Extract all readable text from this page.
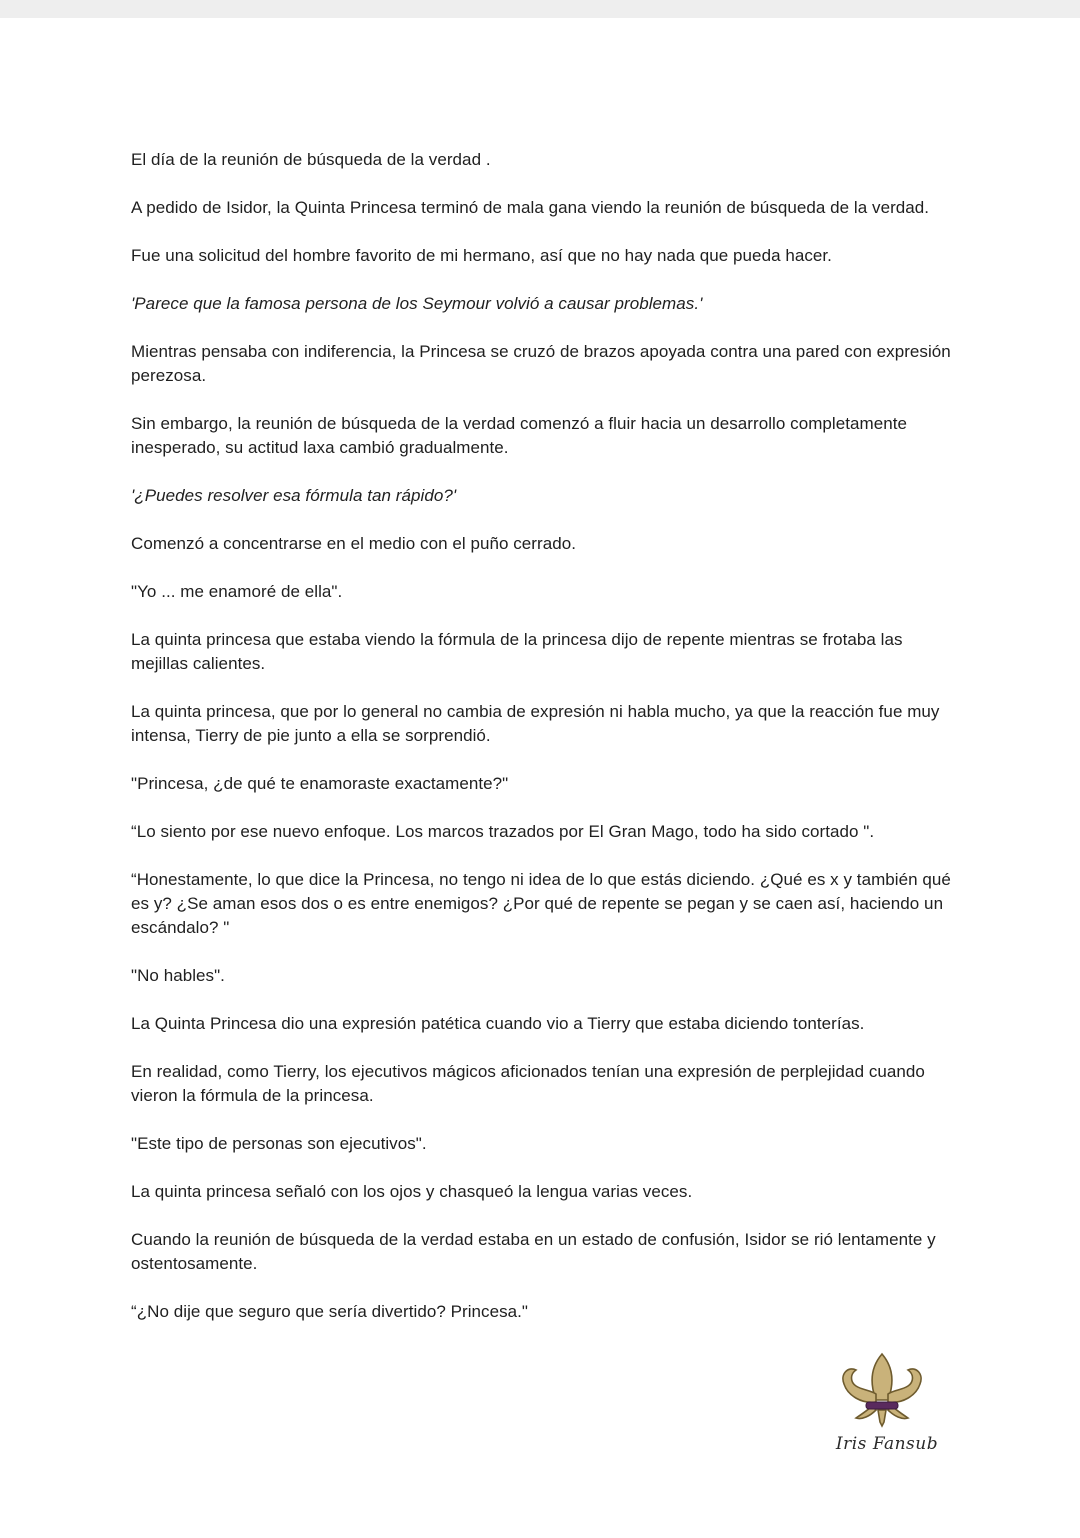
El día de la reunión de búsqueda de la verdad .

A pedido de Isidor, la Quinta Princesa terminó de mala gana viendo la reunión de búsqueda de la verdad.

Fue una solicitud del hombre favorito de mi hermano, así que no hay nada que pueda hacer.

'Parece que la famosa persona de los Seymour volvió a causar problemas.'

Mientras pensaba con indiferencia, la Princesa se cruzó de brazos apoyada contra una pared con expresión perezosa.

Sin embargo, la reunión de búsqueda de la verdad comenzó a fluir hacia un desarrollo completamente inesperado, su actitud laxa cambió gradualmente.

'¿Puedes resolver esa fórmula tan rápido?'

Comenzó a concentrarse en el medio con el puño cerrado.

"Yo ... me enamoré de ella".

La quinta princesa que estaba viendo la fórmula de la princesa dijo de repente mientras se frotaba las mejillas calientes.

La quinta princesa, que por lo general no cambia de expresión ni habla mucho, ya que la reacción fue muy intensa, Tierry de pie junto a ella se sorprendió.

"Princesa, ¿de qué te enamoraste exactamente?"

“Lo siento por ese nuevo enfoque. Los marcos trazados por El Gran Mago, todo ha sido cortado ".

“Honestamente, lo que dice la Princesa, no tengo ni idea de lo que estás diciendo. ¿Qué es x y también qué es y? ¿Se aman esos dos o es entre enemigos? ¿Por qué de repente se pegan y se caen así, haciendo un escándalo? "

"No hables".

La Quinta Princesa dio una expresión patética cuando vio a Tierry que estaba diciendo tonterías.

En realidad, como Tierry, los ejecutivos mágicos aficionados tenían una expresión de perplejidad cuando vieron la fórmula de la princesa.

"Este tipo de personas son ejecutivos".

La quinta princesa señaló con los ojos y chasqueó la lengua varias veces.

Cuando la reunión de búsqueda de la verdad estaba en un estado de confusión, Isidor se rió lentamente y ostentosamente.

“¿No dije que seguro que sería divertido? Princesa."

Iris Fansub
